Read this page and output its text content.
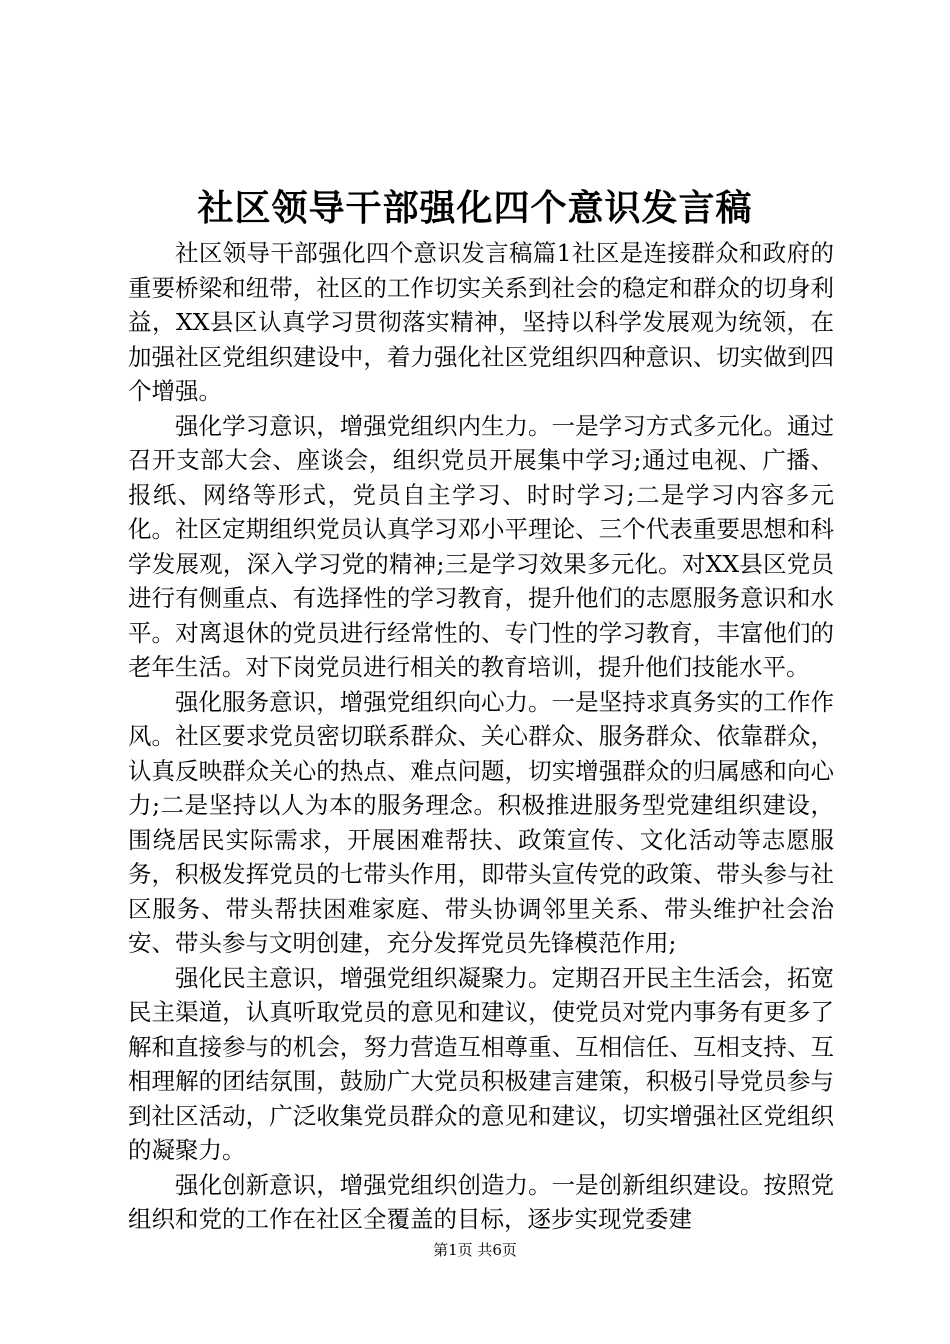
社区领导干部强化四个意识发言稿

社区领导干部强化四个意识发言稿篇1社区是连接群众和政府的重要桥梁和纽带，社区的工作切实关系到社会的稳定和群众的切身利益，XX县区认真学习贯彻落实精神，坚持以科学发展观为统领，在加强社区党组织建设中，着力强化社区党组织四种意识、切实做到四个增强。

强化学习意识，增强党组织内生力。一是学习方式多元化。通过召开支部大会、座谈会，组织党员开展集中学习;通过电视、广播、报纸、网络等形式，党员自主学习、时时学习;二是学习内容多元化。社区定期组织党员认真学习邓小平理论、三个代表重要思想和科学发展观，深入学习党的精神;三是学习效果多元化。对XX县区党员进行有侧重点、有选择性的学习教育，提升他们的志愿服务意识和水平。对离退休的党员进行经常性的、专门性的学习教育，丰富他们的老年生活。对下岗党员进行相关的教育培训，提升他们技能水平。

强化服务意识，增强党组织向心力。一是坚持求真务实的工作作风。社区要求党员密切联系群众、关心群众、服务群众、依靠群众，认真反映群众关心的热点、难点问题，切实增强群众的归属感和向心力;二是坚持以人为本的服务理念。积极推进服务型党建组织建设，围绕居民实际需求，开展困难帮扶、政策宣传、文化活动等志愿服务，积极发挥党员的七带头作用，即带头宣传党的政策、带头参与社区服务、带头帮扶困难家庭、带头协调邻里关系、带头维护社会治安、带头参与文明创建，充分发挥党员先锋模范作用;

强化民主意识，增强党组织凝聚力。定期召开民主生活会，拓宽民主渠道，认真听取党员的意见和建议，使党员对党内事务有更多了解和直接参与的机会，努力营造互相尊重、互相信任、互相支持、互相理解的团结氛围，鼓励广大党员积极建言建策，积极引导党员参与到社区活动，广泛收集党员群众的意见和建议，切实增强社区党组织的凝聚力。

强化创新意识，增强党组织创造力。一是创新组织建设。按照党组织和党的工作在社区全覆盖的目标，逐步实现党委建

第1页 共6页
